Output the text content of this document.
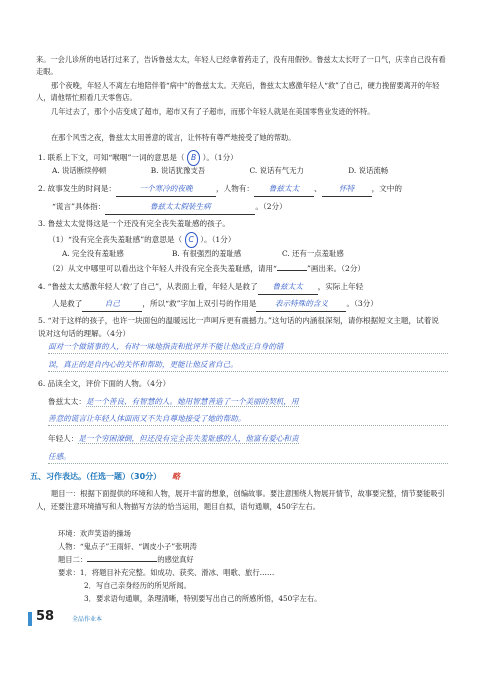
来。一会儿诊所的电话打过来了，告诉鲁兹太太，年轻人已经拿着药走了，没有用假钞。鲁兹太太长吁了一口气，庆幸自己没有看走眼。

那个夜晚，年轻人不离左右地陪伴着“病中”的鲁兹太太。天亮后，鲁兹太太感激年轻人“救”了自己，硬力挽留要离开的年轻人，请他帮忙照看几天零售店。

几年过去了，那个小店变成了超市，超市又有了子超市，而那个年轻人就是在美国零售业发迹的怀特。

在那个风雪之夜，鲁兹太太用善意的谎言，让怀特有尊严地接受了她的帮助。

1. 联系上下文，可知“喉咽”一词的意思是（ B ）。（1分）

A. 说话断续停顿	B. 说话犹豫支吾	C. 说话有气无力	D. 说话流畅

2. 故事发生的时间是：	一个寒冷的夜晚	，人物有： 鲁兹太太 、 怀特 ，文中的

“谎言”具体指：	鲁兹太太假装生病	。（2分）

3. 鲁兹太太觉得这是一个还没有完全丧失羞耻感的孩子。

（1）“没有完全丧失羞耻感”的意思是（ C ）。（1分）

A. 完全没有羞耻感	B. 有很强烈的羞耻感	C. 还有一点羞耻感

（2）从文中哪里可以看出这个年轻人并没有完全丧失羞耻感，请用“	”画出来。（2分）

4. “鲁兹太太感激年轻人‘救’了自己”，从表面上看，年轻人是救了 鲁兹太太 ，实际上年轻

人是救了	自己	，所以“救”字加上双引号的作用是 表示特殊的含义 。（3分）

5. “对于这样的孩子，也许一块面包的温暖远比一声呵斥更有震撼力。”这句话的内涵很深刻，请你根据短文主题，试着说说对这句话的理解。（4分）

面对一个做错事的人，有时一味地指责和批评并不能让他改正自身的错
误，真正的是自内心的关怀和帮助，更能让他反省自己。

6. 品读全文，评价下面的人物。（4分）

鲁兹太太：是一个善良、有智慧的人。她用智慧善造了一个美丽的契机，用

善意的谎言让年轻人体面而又不失自尊地接受了她的帮助。

年轻人：是一个穷困潦倒，但还没有完全丧失羞耻感的人，他富有爱心和责

任感。
五、习作表达。（任选一题）（30分） 略

题目一：根据下面提供的环境和人物，展开丰富的想象，创编故事。要注意围绕人物展开情节，故事要完整，情节要能吸引人，还要注意环境描写和人物描写方法的恰当运用，题目自拟，语句通顺，450字左右。

环境：欢声笑语的操场

人物：“鬼点子”王雨轩、“调皮小子”张明涛

题目二：	的感觉真好

要求：1．将题目补充完整。如成功、获奖、滑冰、唱歌、旅行……

2．写自己亲身经历的所见所闻。

3．要求语句通顺，条理清晰，特别要写出自己的所感所悟，450字左右。

58	全品作业本
